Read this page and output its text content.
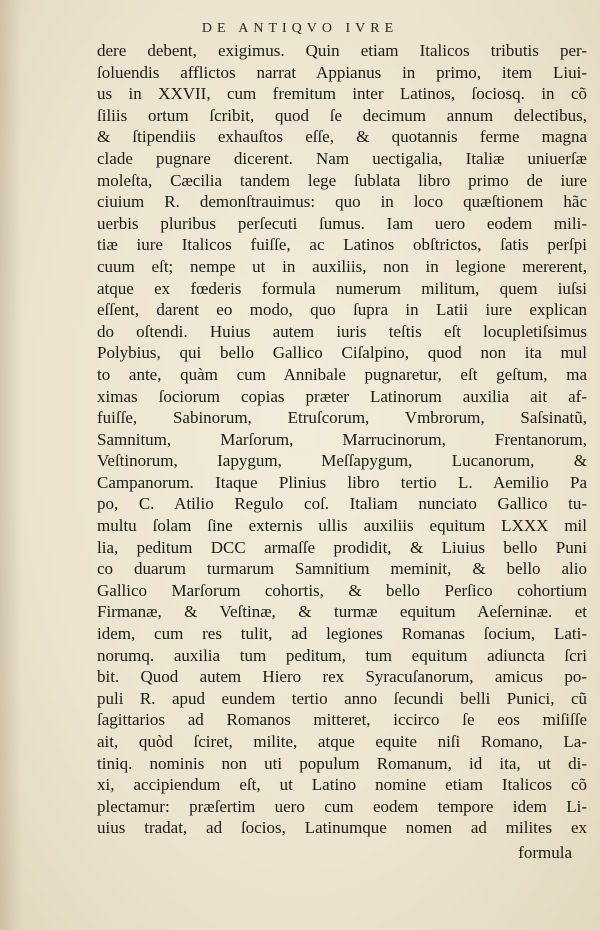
DE ANTIQVO IVRE
dere debent, exigimus. Quin etiam Italicos tributis per-
ſoluendis afflictos narrat Appianus in primo, item Liui-
us in XXVII, cum fremitum inter Latinos, ſociosq. in cõ
ſiliis ortum ſcribit, quod ſe decimum annum delectibus,
& ſtipendiis exhauſtos eſſe, & quotannis ferme magna
clade pugnare dicerent. Nam uectigalia, Italiæ uniuerſæ
moleſta, Cæcilia tandem lege ſublata libro primo de iure
ciuium R. demonſtrauimus: quo in loco quæſtionem hãc
uerbis pluribus perſecuti ſumus. Iam uero eodem mili-
tiæ iure Italicos fuiſſe, ac Latinos obſtrictos, ſatis perſpi
cuum eſt; nempe ut in auxiliis, non in legione mererent,
atque ex fœderis formula numerum militum, quem iuſsi
eſſent, darent eo modo, quo ſupra in Latii iure explican
do oſtendi. Huius autem iuris teſtis eſt locupletiſsimus
Polybius, qui bello Gallico Ciſalpino, quod non ita mul
to ante, quàm cum Annibale pugnaretur, eſt geſtum, ma
ximas ſociorum copias præter Latinorum auxilia ait af-
fuiſſe, Sabinorum, Etruſcorum, Vmbrorum, Saſsinatũ,
Samnitum, Marſorum, Marrucinorum, Frentanorum,
Veſtinorum, Iapygum, Meſſapygum, Lucanorum, &
Campanorum. Itaque Plinius libro tertio L. Aemilio Pa
po, C. Atilio Regulo coſ. Italiam nunciato Gallico tu-
multu ſolam ſine externis ullis auxiliis equitum LXXX mil
lia, peditum DCC armaſſe prodidit, & Liuius bello Puni
co duarum turmarum Samnitium meminit, & bello alio
Gallico Marſorum cohortis, & bello Perſico cohortium
Firmanæ, & Veſtinæ, & turmæ equitum Aeſerninæ. et
idem, cum res tulit, ad legiones Romanas ſocium, Lati-
norumq. auxilia tum peditum, tum equitum adiuncta ſcri
bit. Quod autem Hiero rex Syracuſanorum, amicus po-
puli R. apud eundem tertio anno ſecundi belli Punici, cũ
ſagittarios ad Romanos mitteret, iccirco ſe eos miſiſſe
ait, quòd ſciret, milite, atque equite niſi Romano, La-
tiniq. nominis non uti populum Romanum, id ita, ut di-
xi, accipiendum eſt, ut Latino nomine etiam Italicos cõ
plectamur: præſertim uero cum eodem tempore idem Li-
uius tradat, ad ſocios, Latinumque nomen ad milites ex
formula
